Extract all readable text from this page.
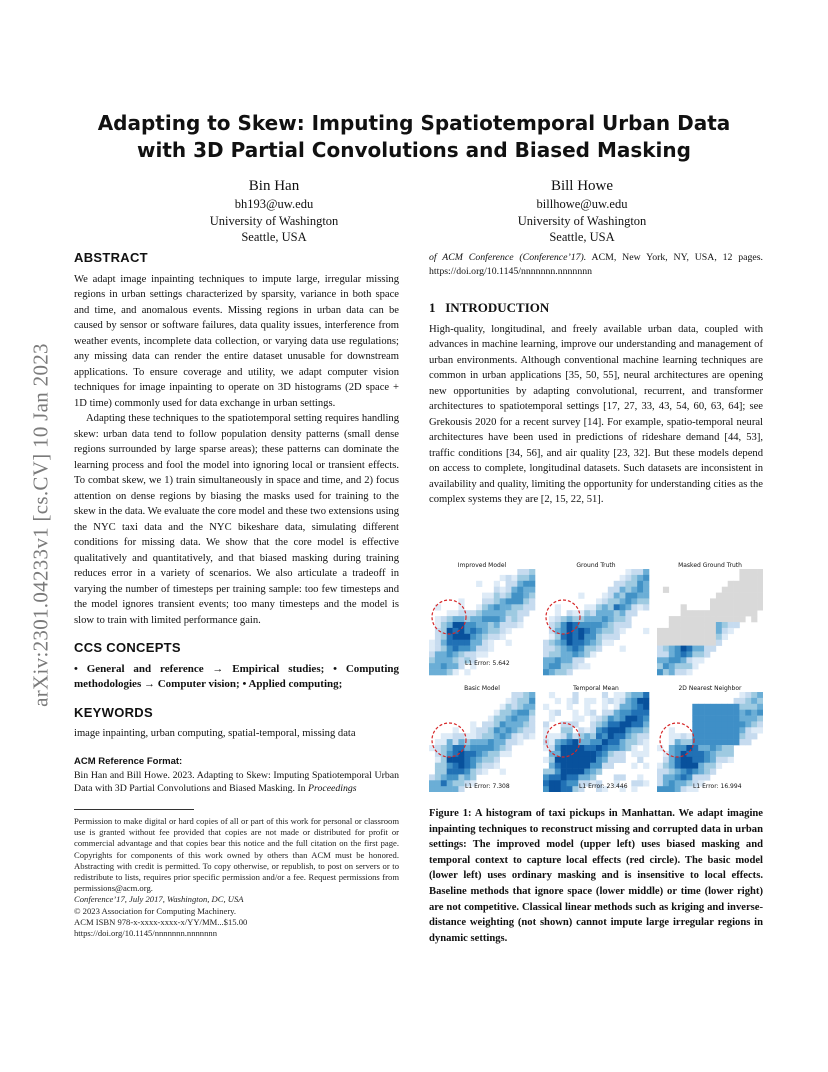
arXiv:2301.04233v1 [cs.CV] 10 Jan 2023
Adapting to Skew: Imputing Spatiotemporal Urban Data
with 3D Partial Convolutions and Biased Masking
Bin Han
bh193@uw.edu
University of Washington
Seattle, USA
Bill Howe
billhowe@uw.edu
University of Washington
Seattle, USA
ABSTRACT

We adapt image inpainting techniques to impute large, irregular missing regions in urban settings characterized by sparsity, variance in both space and time, and anomalous events. Missing regions in urban data can be caused by sensor or software failures, data quality issues, interference from weather events, incomplete data collection, or varying data use regulations; any missing data can render the entire dataset unusable for downstream applications. To ensure coverage and utility, we adapt computer vision techniques for image inpainting to operate on 3D histograms (2D space + 1D time) commonly used for data exchange in urban settings.

Adapting these techniques to the spatiotemporal setting requires handling skew: urban data tend to follow population density patterns (small dense regions surrounded by large sparse areas); these patterns can dominate the learning process and fool the model into ignoring local or transient effects. To combat skew, we 1) train simultaneously in space and time, and 2) focus attention on dense regions by biasing the masks used for training to the skew in the data. We evaluate the core model and these two extensions using the NYC taxi data and the NYC bikeshare data, simulating different conditions for missing data. We show that the core model is effective qualitatively and quantitatively, and that biased masking during training reduces error in a variety of scenarios. We also articulate a tradeoff in varying the number of timesteps per training sample: too few timesteps and the model ignores transient events; too many timesteps and the model is slow to train with limited performance gain.

CCS CONCEPTS

• General and reference → Empirical studies; • Computing methodologies → Computer vision; • Applied computing;

KEYWORDS

image inpainting, urban computing, spatial-temporal, missing data

ACM Reference Format:

Bin Han and Bill Howe. 2023. Adapting to Skew: Imputing Spatiotemporal Urban Data with 3D Partial Convolutions and Biased Masking. In Proceedings

Permission to make digital or hard copies of all or part of this work for personal or classroom use is granted without fee provided that copies are not made or distributed for profit or commercial advantage and that copies bear this notice and the full citation on the first page. Copyrights for components of this work owned by others than ACM must be honored. Abstracting with credit is permitted. To copy otherwise, or republish, to post on servers or to redistribute to lists, requires prior specific permission and/or a fee. Request permissions from permissions@acm.org.

Conference’17, July 2017, Washington, DC, USA

© 2023 Association for Computing Machinery.

ACM ISBN 978-x-xxxx-xxxx-x/YY/MM...$15.00

https://doi.org/10.1145/nnnnnnn.nnnnnnn

of ACM Conference (Conference’17). ACM, New York, NY, USA, 12 pages. https://doi.org/10.1145/nnnnnnn.nnnnnnn

1 INTRODUCTION

High-quality, longitudinal, and freely available urban data, coupled with advances in machine learning, improve our understanding and management of urban environments. Although conventional machine learning techniques are common in urban applications [35, 50, 55], neural architectures are opening new opportunities by adapting convolutional, recurrent, and transformer architectures to spatiotemporal settings [17, 27, 33, 43, 54, 60, 63, 64]; see Grekousis 2020 for a recent survey [14]. For example, spatio-temporal neural architectures have been used in predictions of rideshare demand [44, 53], traffic conditions [34, 56], and air quality [23, 32]. But these models depend on access to complete, longitudinal datasets. Such datasets are inconsistent in availability and quality, limiting the opportunity for understanding cities as the complex systems they are [2, 15, 22, 51].

Improved Model
L1 Error: 5.642
Ground Truth	Masked Ground Truth
Basic Model
L1 Error: 7.308
Temporal Mean
L1 Error: 23.446
2D Nearest Neighbor
L1 Error: 16.994

Figure 1: A histogram of taxi pickups in Manhattan. We adapt imagine inpainting techniques to reconstruct missing and corrupted data in urban settings: The improved model (upper left) uses biased masking and temporal context to capture local effects (red circle). The basic model (lower left) uses ordinary masking and is insensitive to local effects. Baseline methods that ignore space (lower middle) or time (lower right) are not competitive. Classical linear methods such as kriging and inverse-distance weighting (not shown) cannot impute large irregular regions in dynamic settings.
